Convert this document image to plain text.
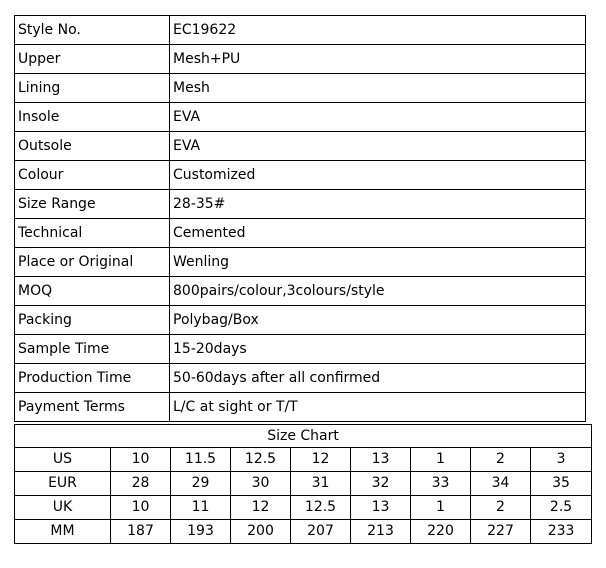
Style No.	EC19622
Upper	Mesh+PU
Lining	Mesh
Insole	EVA
Outsole	EVA
Colour	Customized
Size Range	28-35#
Technical	Cemented
Place or Original	Wenling
MOQ	800pairs/colour,3colours/style
Packing	Polybag/Box
Sample Time	15-20days
Production Time	50-60days after all confirmed
Payment Terms	L/C at sight or T/T
Size Chart								
US	10	11.5	12.5	12	13	1	2	3
EUR	28	29	30	31	32	33	34	35
UK	10	11	12	12.5	13	1	2	2.5
MM	187	193	200	207	213	220	227	233
